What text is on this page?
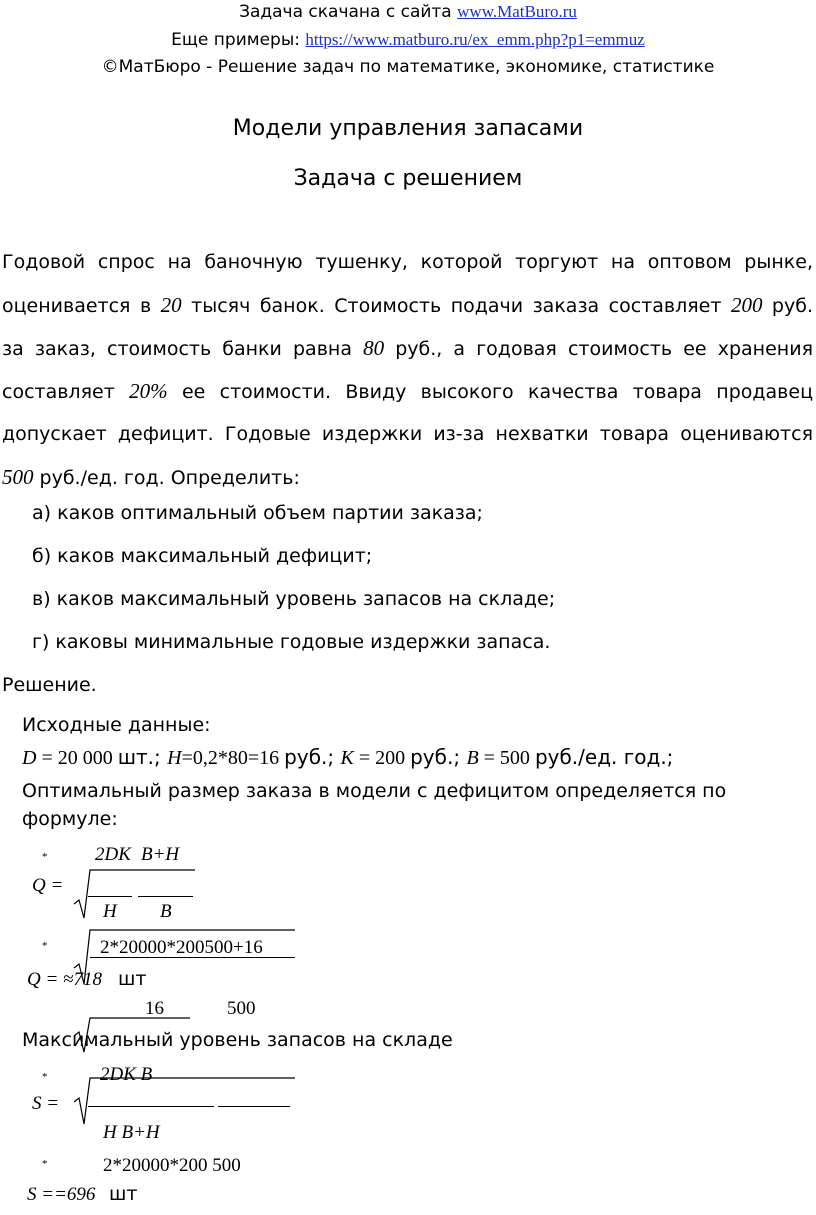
Задача скачана с сайта www.MatBuro.ru
Еще примеры: https://www.matburo.ru/ex_emm.php?p1=emmuz
©МатБюро - Решение задач по математике, экономике, статистике
Модели управления запасами
Задача с решением
Годовой спрос на баночную тушенку, которой торгуют на оптовом рынке,
оценивается в 20 тысяч банок. Стоимость подачи заказа составляет 200 руб.
за заказ, стоимость банки равна 80 руб., а годовая стоимость ее хранения
составляет 20% ее стоимости. Ввиду высокого качества товара продавец
допускает дефицит. Годовые издержки из-за нехватки товара оцениваются
500 руб./ед. год. Определить:
а) каков оптимальный объем партии заказа;
б) каков максимальный дефицит;
в) каков максимальный уровень запасов на складе;
г) каковы минимальные годовые издержки запаса.
Решение.
Исходные данные:
D = 20 000 шт.; H=0,2*80=16 руб.; K = 200 руб.; B = 500 руб./ед. год.;
Оптимальный размер заказа в модели с дефицитом определяется по
формуле:
*	2DK B+H
Q =
H B
*	2*20000*200500+16
Q = ≈718 шт
16	500
Максимальный уровень запасов на складе
*	2DK B
S =
H B+H
*	2*20000*200 500
S ==696 шт
